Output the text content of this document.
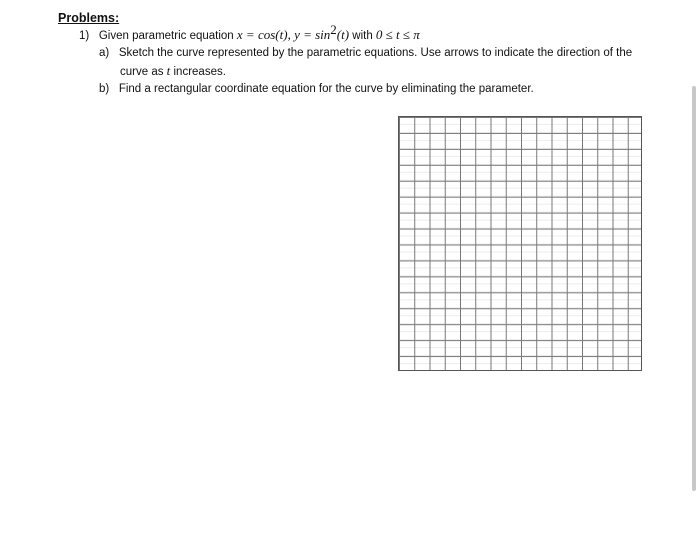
Problems:
1) Given parametric equation x = cos(t), $y = \sin^2(t)$ with 0 ≤ t ≤ π
a) Sketch the curve represented by the parametric equations. Use arrows to indicate the direction of the
curve as t increases.
b) Find a rectangular coordinate equation for the curve by eliminating the parameter.
